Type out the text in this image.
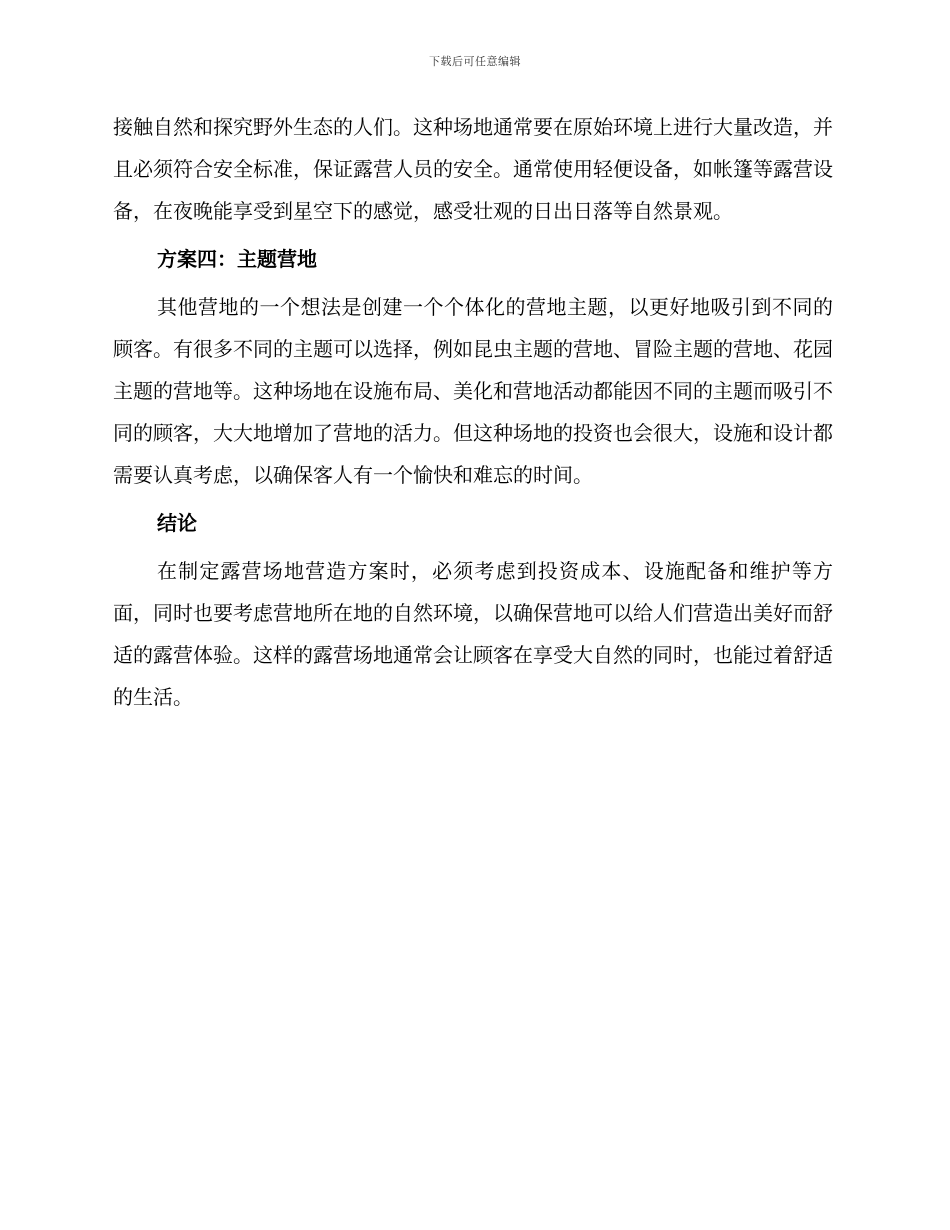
下载后可任意编辑

接触自然和探究野外生态的人们。这种场地通常要在原始环境上进行大量改造，并且必须符合安全标准，保证露营人员的安全。通常使用轻便设备，如帐篷等露营设备，在夜晚能享受到星空下的感觉，感受壮观的日出日落等自然景观。

方案四：主题营地

其他营地的一个想法是创建一个个体化的营地主题，以更好地吸引到不同的顾客。有很多不同的主题可以选择，例如昆虫主题的营地、冒险主题的营地、花园主题的营地等。这种场地在设施布局、美化和营地活动都能因不同的主题而吸引不同的顾客，大大地增加了营地的活力。但这种场地的投资也会很大，设施和设计都需要认真考虑，以确保客人有一个愉快和难忘的时间。

结论

在制定露营场地营造方案时，必须考虑到投资成本、设施配备和维护等方面，同时也要考虑营地所在地的自然环境，以确保营地可以给人们营造出美好而舒适的露营体验。这样的露营场地通常会让顾客在享受大自然的同时，也能过着舒适的生活。
